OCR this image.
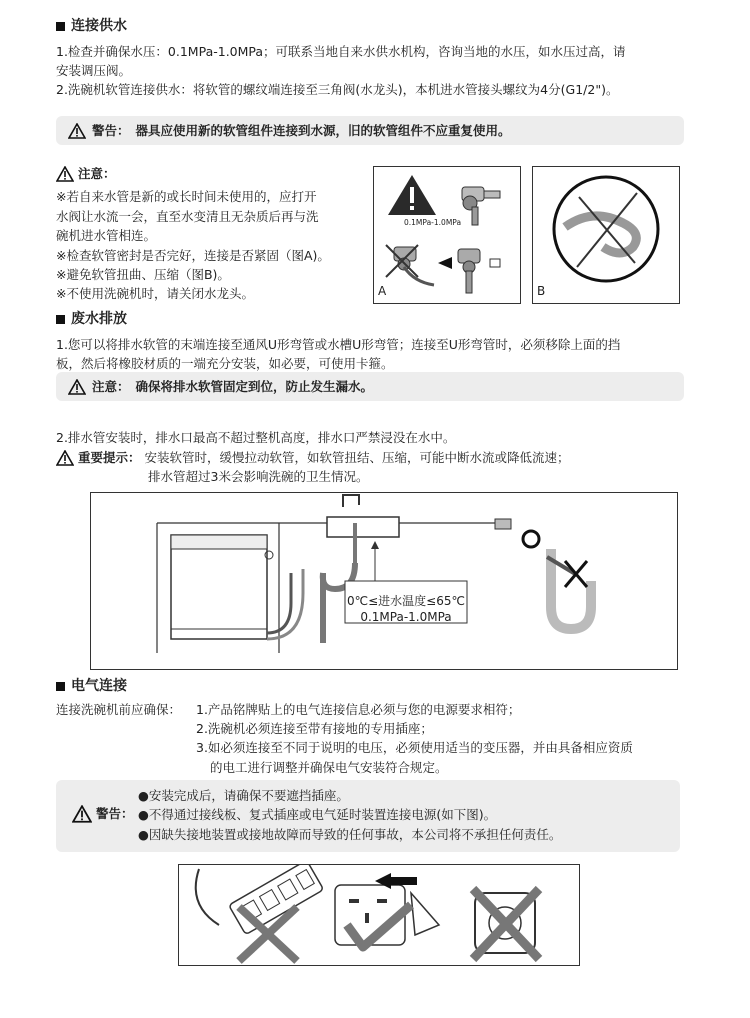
连接供水

1.检查并确保水压：0.1MPa-1.0MPa；可联系当地自来水供水机构，咨询当地的水压，如水压过高，请

安装调压阀。

2.洗碗机软管连接供水：将软管的螺纹端连接至三角阀(水龙头)，本机进水管接头螺纹为4分(G1/2")。

警告： 器具应使用新的软管组件连接到水源，旧的软管组件不应重复使用。
注意：
※若自来水管是新的或长时间未使用的，应打开
水阀让水流一会，直至水变清且无杂质后再与洗
碗机进水管相连。
※检查软管密封是否完好，连接是否紧固（图A)。
※避免软管扭曲、压缩（图B)。
※不使用洗碗机时，请关闭水龙头。
0.1MPa-1.0MPa
A	B
废水排放

1.您可以将排水软管的末端连接至通风U形弯管或水槽U形弯管；连接至U形弯管时，必须移除上面的挡

板，然后将橡胶材质的一端充分安装，如必要，可使用卡箍。

注意： 确保将排水软管固定到位，防止发生漏水。

2.排水管安装时，排水口最高不超过整机高度，排水口严禁浸没在水中。

重要提示： 安装软管时，缓慢拉动软管，如软管扭结、压缩，可能中断水流或降低流速；
排水管超过3米会影响洗碗的卫生情况。
0℃≤进水温度≤65℃
0.1MPa-1.0MPa
电气连接
连接洗碗机前应确保：	1.产品铭牌贴上的电气连接信息必须与您的电源要求相符；
2.洗碗机必须连接至带有接地的专用插座；
3.如必须连接至不同于说明的电压，必须使用适当的变压器，并由具备相应资质
的电工进行调整并确保电气安装符合规定。
警告：
●安装完成后，请确保不要遮挡插座。
●不得通过接线板、复式插座或电气延时装置连接电源(如下图)。
●因缺失接地装置或接地故障而导致的任何事故，本公司将不承担任何责任。
